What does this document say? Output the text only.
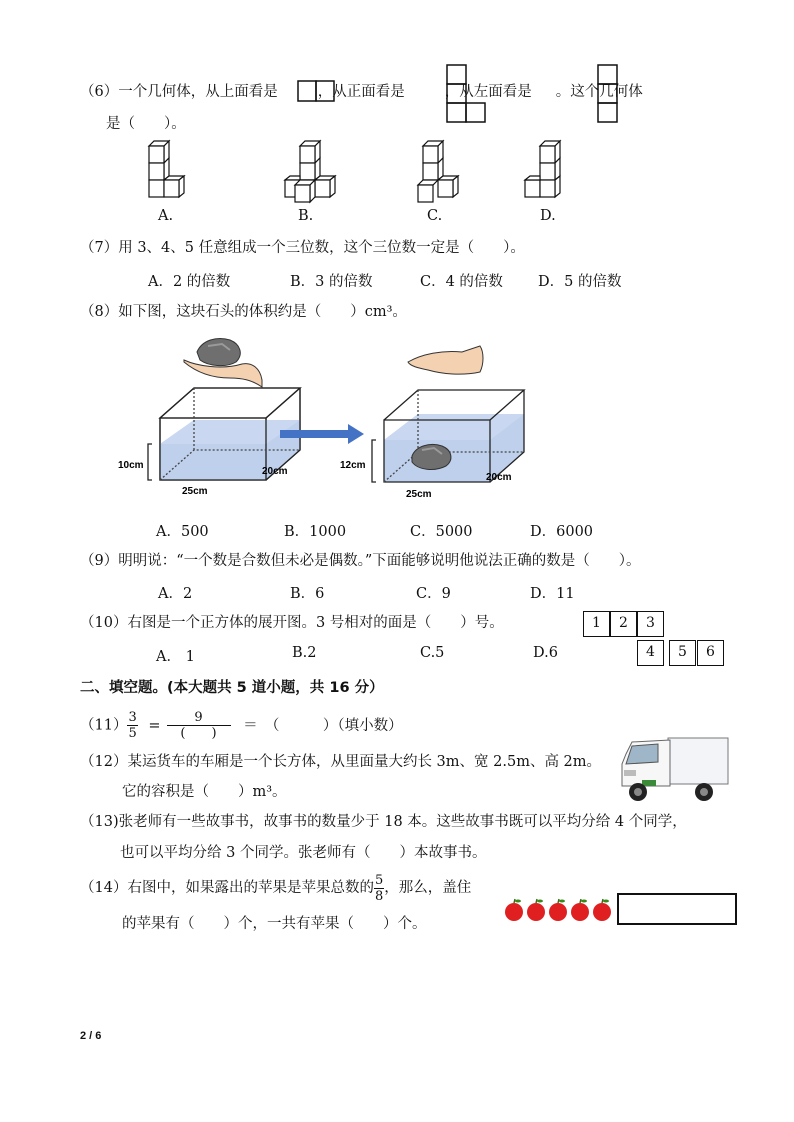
（6）一个几何体，从上面看是	，从正面看是	，从左面看是 。这个几何体
是（　　）。
A.	B.	C.	D.
（7）用 3、4、5 任意组成一个三位数，这个三位数一定是（　　）。
A．2 的倍数	B．3 的倍数	C．4 的倍数 D．5 的倍数
（8）如下图，这块石头的体积约是（　　）cm³。
10cm
25cm
20cm
12cm
25cm
20cm
A．500	B．1000	C．5000	D．6000
（9）明明说：“一个数是合数但未必是偶数。”下面能够说明他说法正确的数是（　　）。
A．2	B．6	C．9	D．11
（10）右图是一个正方体的展开图。3 号相对的面是（　　）号。
A． 1	B.2	C.5	D.6
1	2	3
4	5	6
二、填空题。(本大题共 5 道小题，共 16 分）
$(11) \frac{3}{5} = \frac{9}{( )}$ ＝　（　　　）（填小数）
（12）某运货车的车厢是一个长方体，从里面量大约长 3m、宽 2.5m、高 2m。
它的容积是（　　）m³。
（13)张老师有一些故事书，故事书的数量少于 18 本。这些故事书既可以平均分给 4 个同学，
也可以平均分给 3 个同学。张老师有（　　）本故事书。
（14）右图中，如果露出的苹果是苹果总数的 $\frac{5}{8}$ ，那么，盖住
的苹果有（　　）个，一共有苹果（　　）个。
2 / 6
